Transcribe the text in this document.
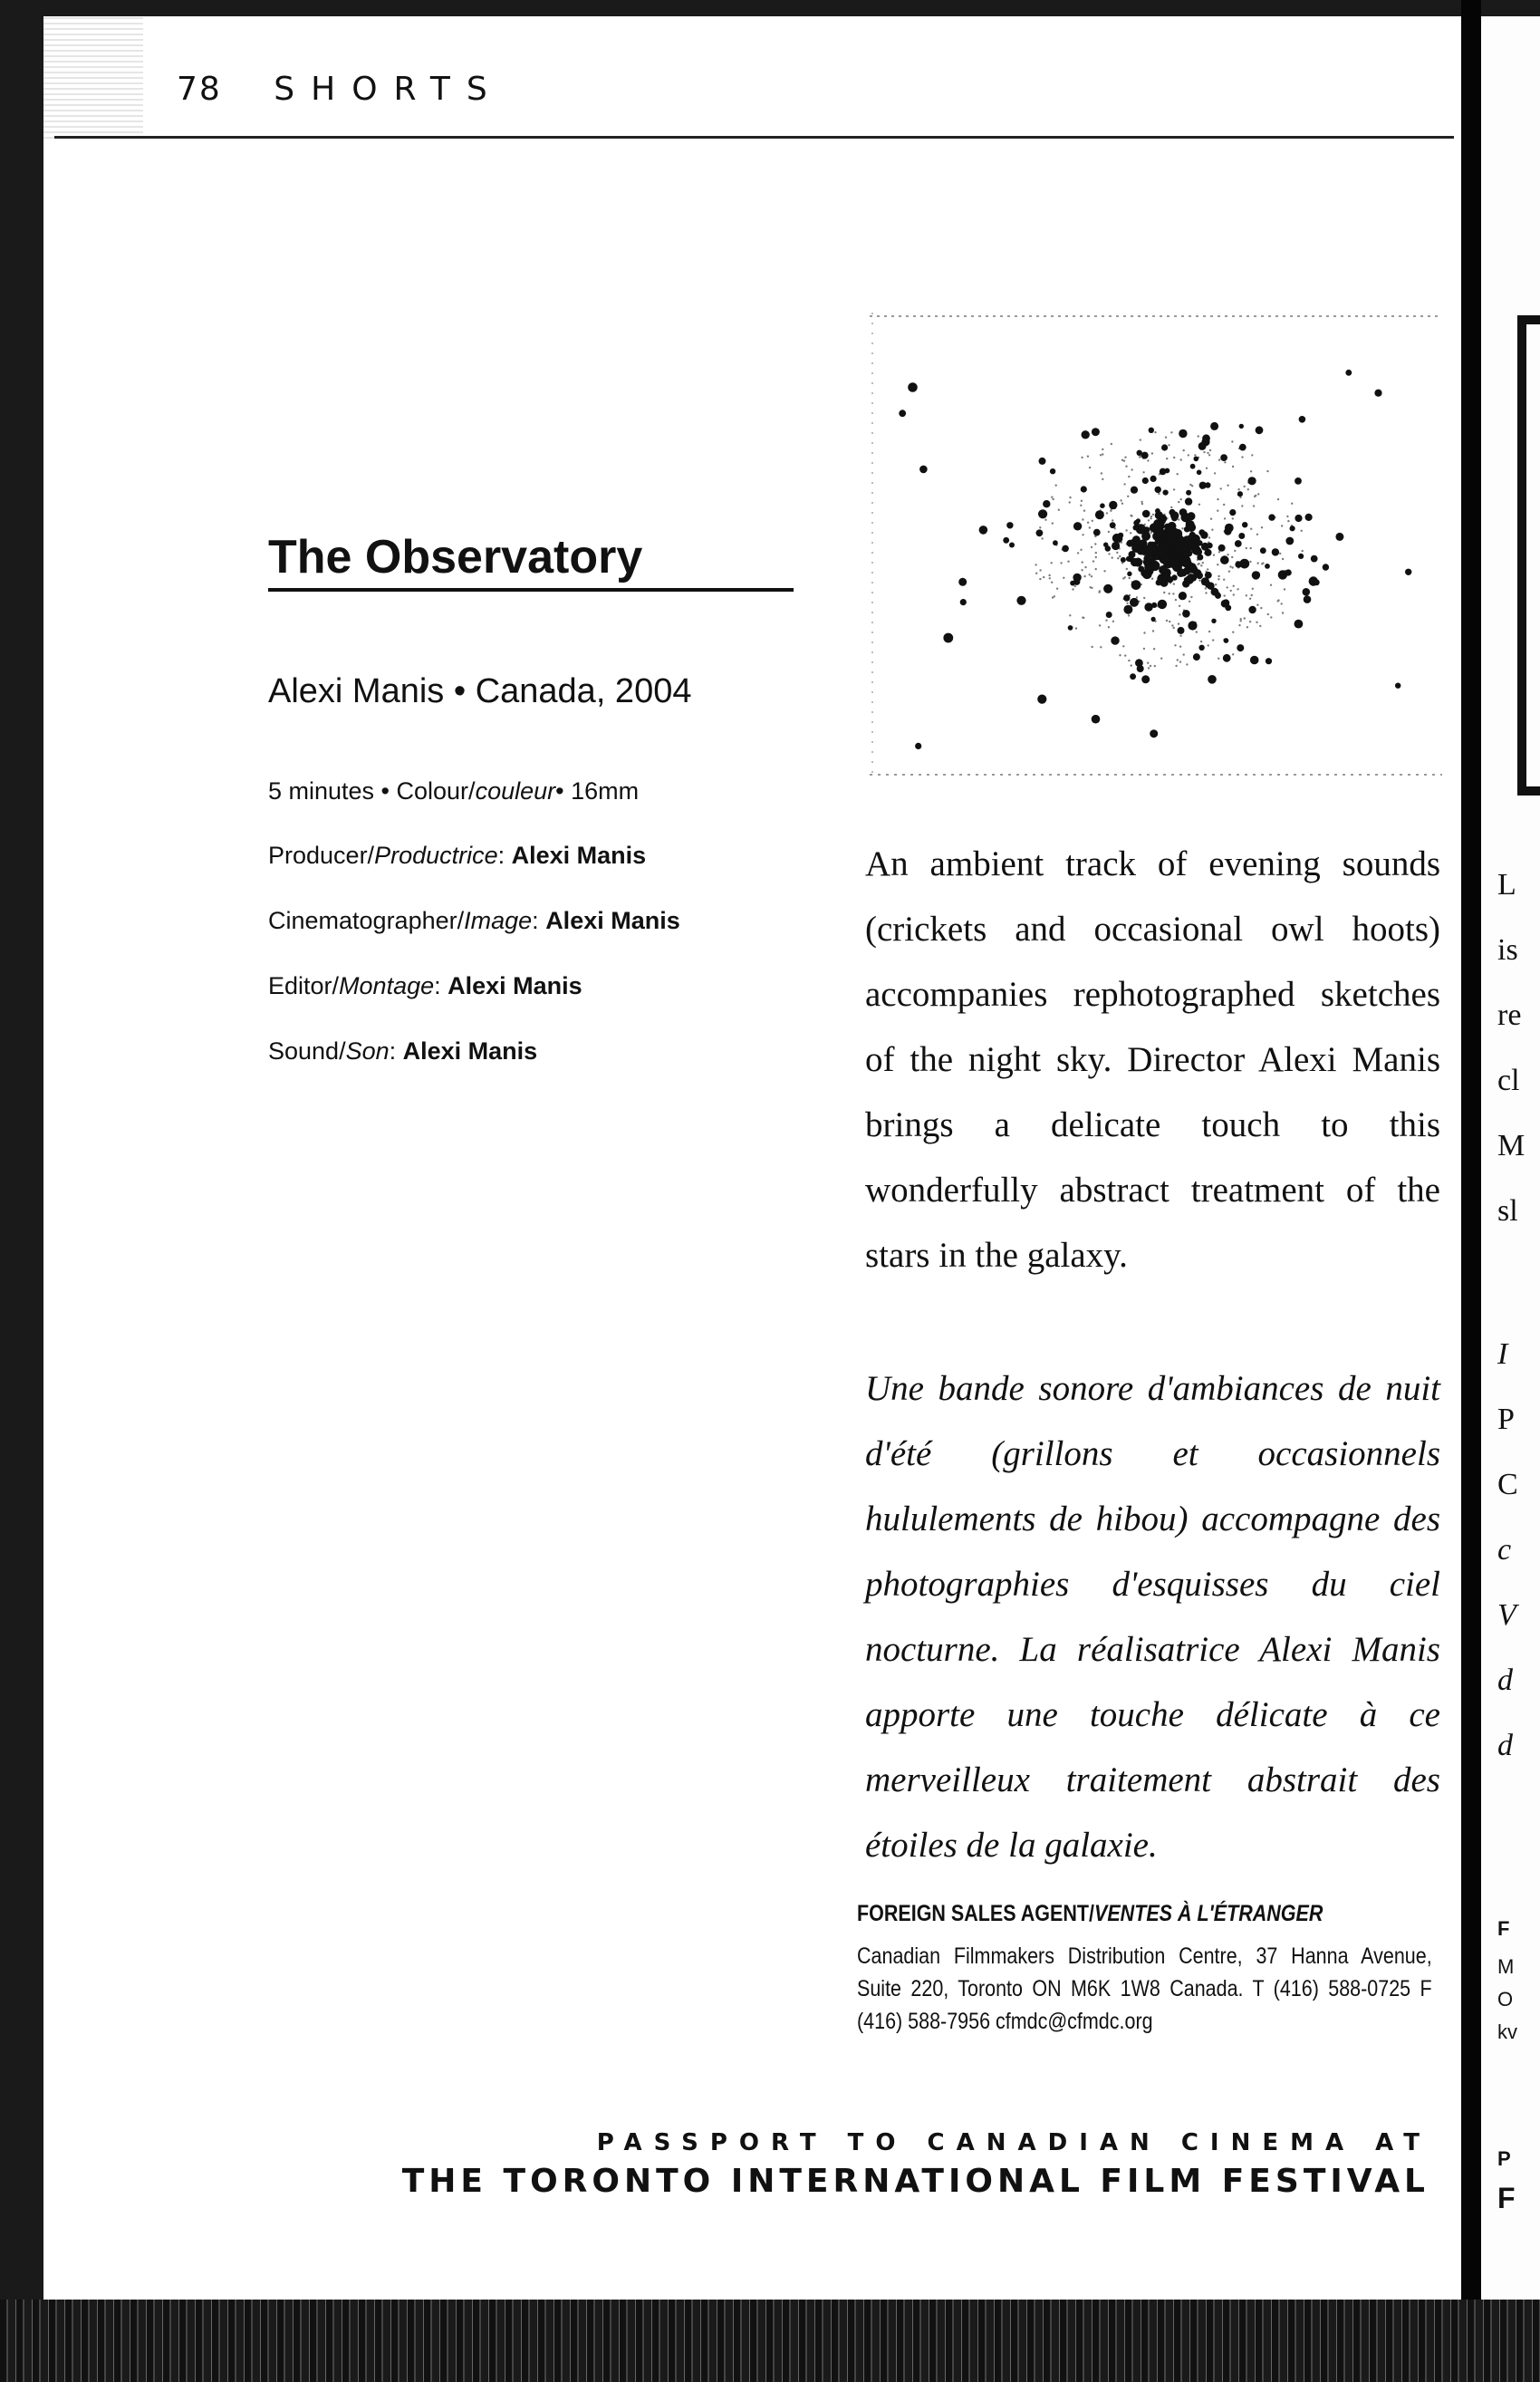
78 SHORTS
The Observatory
Alexi Manis • Canada, 2004
5 minutes • Colour/couleur• 16mm
Producer/Productrice: Alexi Manis
Cinematographer/Image: Alexi Manis
Editor/Montage: Alexi Manis
Sound/Son: Alexi Manis

An ambient track of evening sounds (crickets and occasional owl hoots) accompanies rephotographed sketches of the night sky. Director Alexi Manis brings a delicate touch to this wonderfully abstract treatment of the stars in the galaxy.

Une bande sonore d'ambiances de nuit d'été (grillons et occasionnels hululements de hibou) accompagne des photographies d'esquisses du ciel nocturne. La réalisatrice Alexi Manis apporte une touche délicate à ce merveilleux traitement abstrait des étoiles de la galaxie.

FOREIGN SALES AGENT/VENTES À L'ÉTRANGER

Canadian Filmmakers Distribution Centre, 37 Hanna Avenue, Suite 220, Toronto ON M6K 1W8 Canada. T (416) 588-0725 F (416) 588-7956 cfmdc@cfmdc.org

PASSPORT TO CANADIAN CINEMA AT
THE TORONTO INTERNATIONAL FILM FESTIVAL
L
is
re
cl
M
sl
I
P
C
c
V
d
d
F
M
O
kv
P
F
